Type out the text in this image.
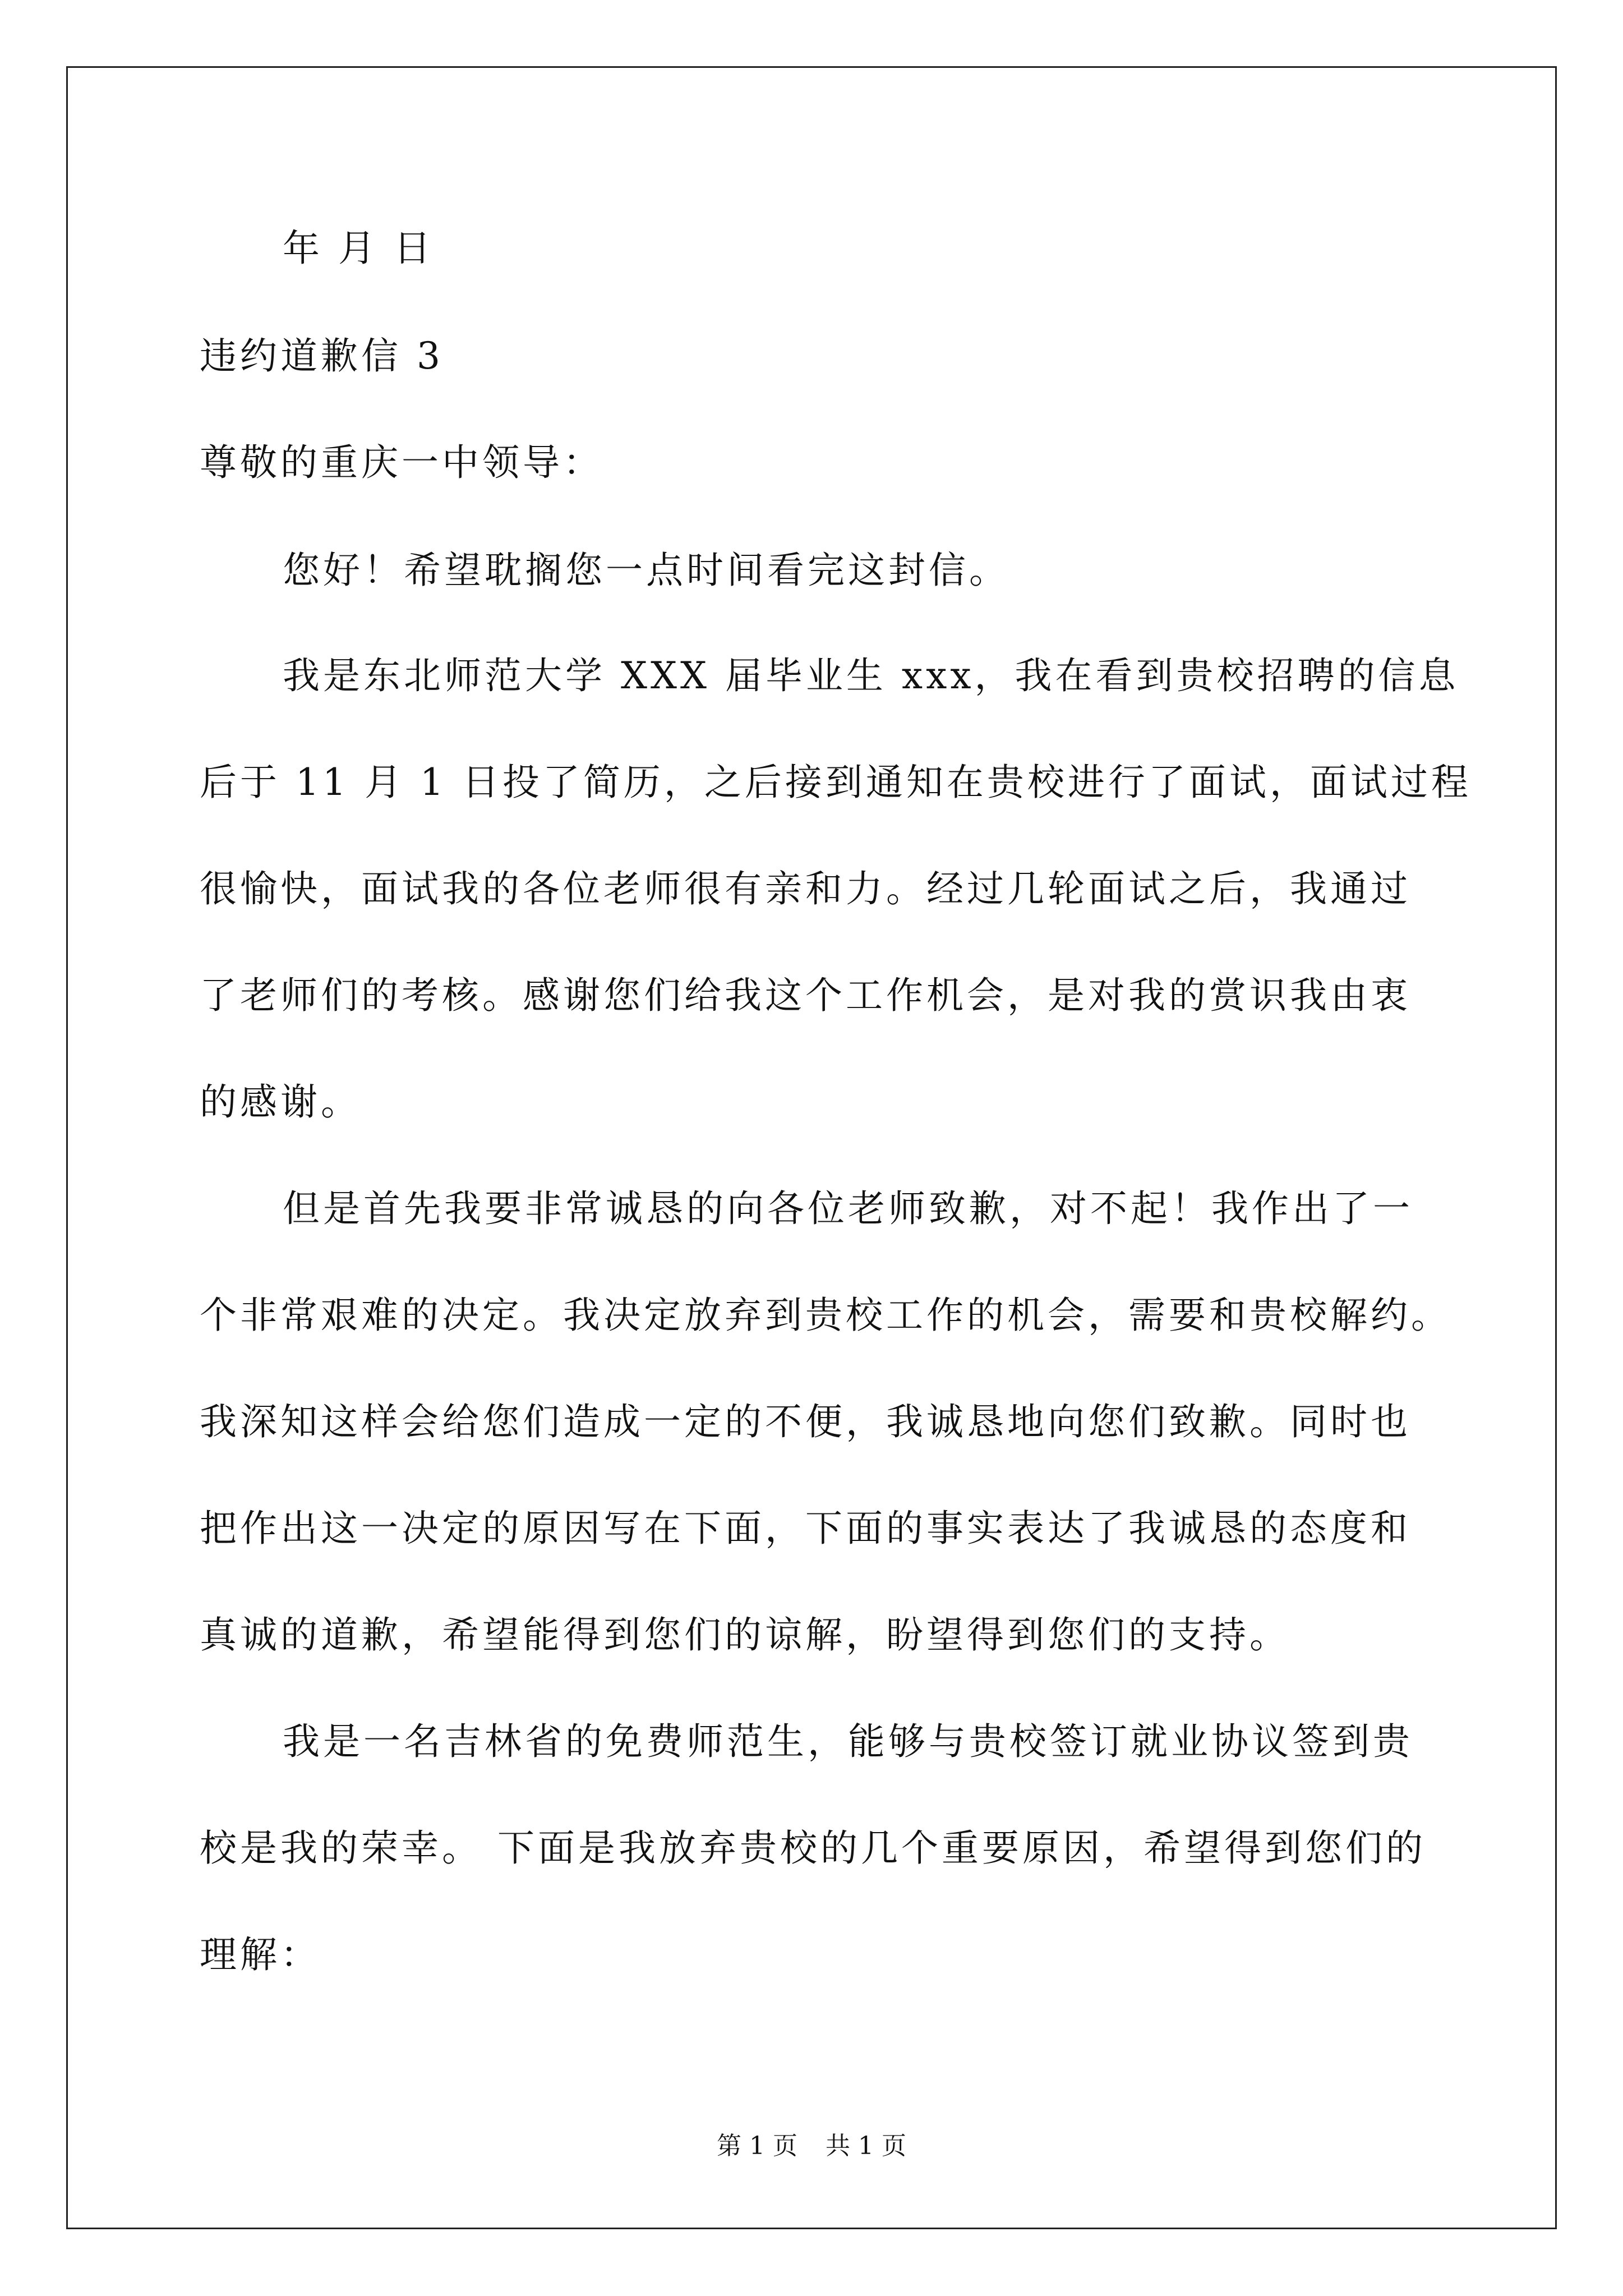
年 月 日
违约道歉信 3
尊敬的重庆一中领导：
您好！希望耽搁您一点时间看完这封信。
我是东北师范大学 XXX 届毕业生 xxx，我在看到贵校招聘的信息
后于 11 月 1 日投了简历，之后接到通知在贵校进行了面试，面试过程
很愉快，面试我的各位老师很有亲和力。经过几轮面试之后，我通过
了老师们的考核。感谢您们给我这个工作机会，是对我的赏识我由衷
的感谢。
但是首先我要非常诚恳的向各位老师致歉，对不起！我作出了一
个非常艰难的决定。我决定放弃到贵校工作的机会，需要和贵校解约。
我深知这样会给您们造成一定的不便，我诚恳地向您们致歉。同时也
把作出这一决定的原因写在下面，下面的事实表达了我诚恳的态度和
真诚的道歉，希望能得到您们的谅解，盼望得到您们的支持。
我是一名吉林省的免费师范生，能够与贵校签订就业协议签到贵
校是我的荣幸。 下面是我放弃贵校的几个重要原因，希望得到您们的
理解：
第 1 页 共 1 页
